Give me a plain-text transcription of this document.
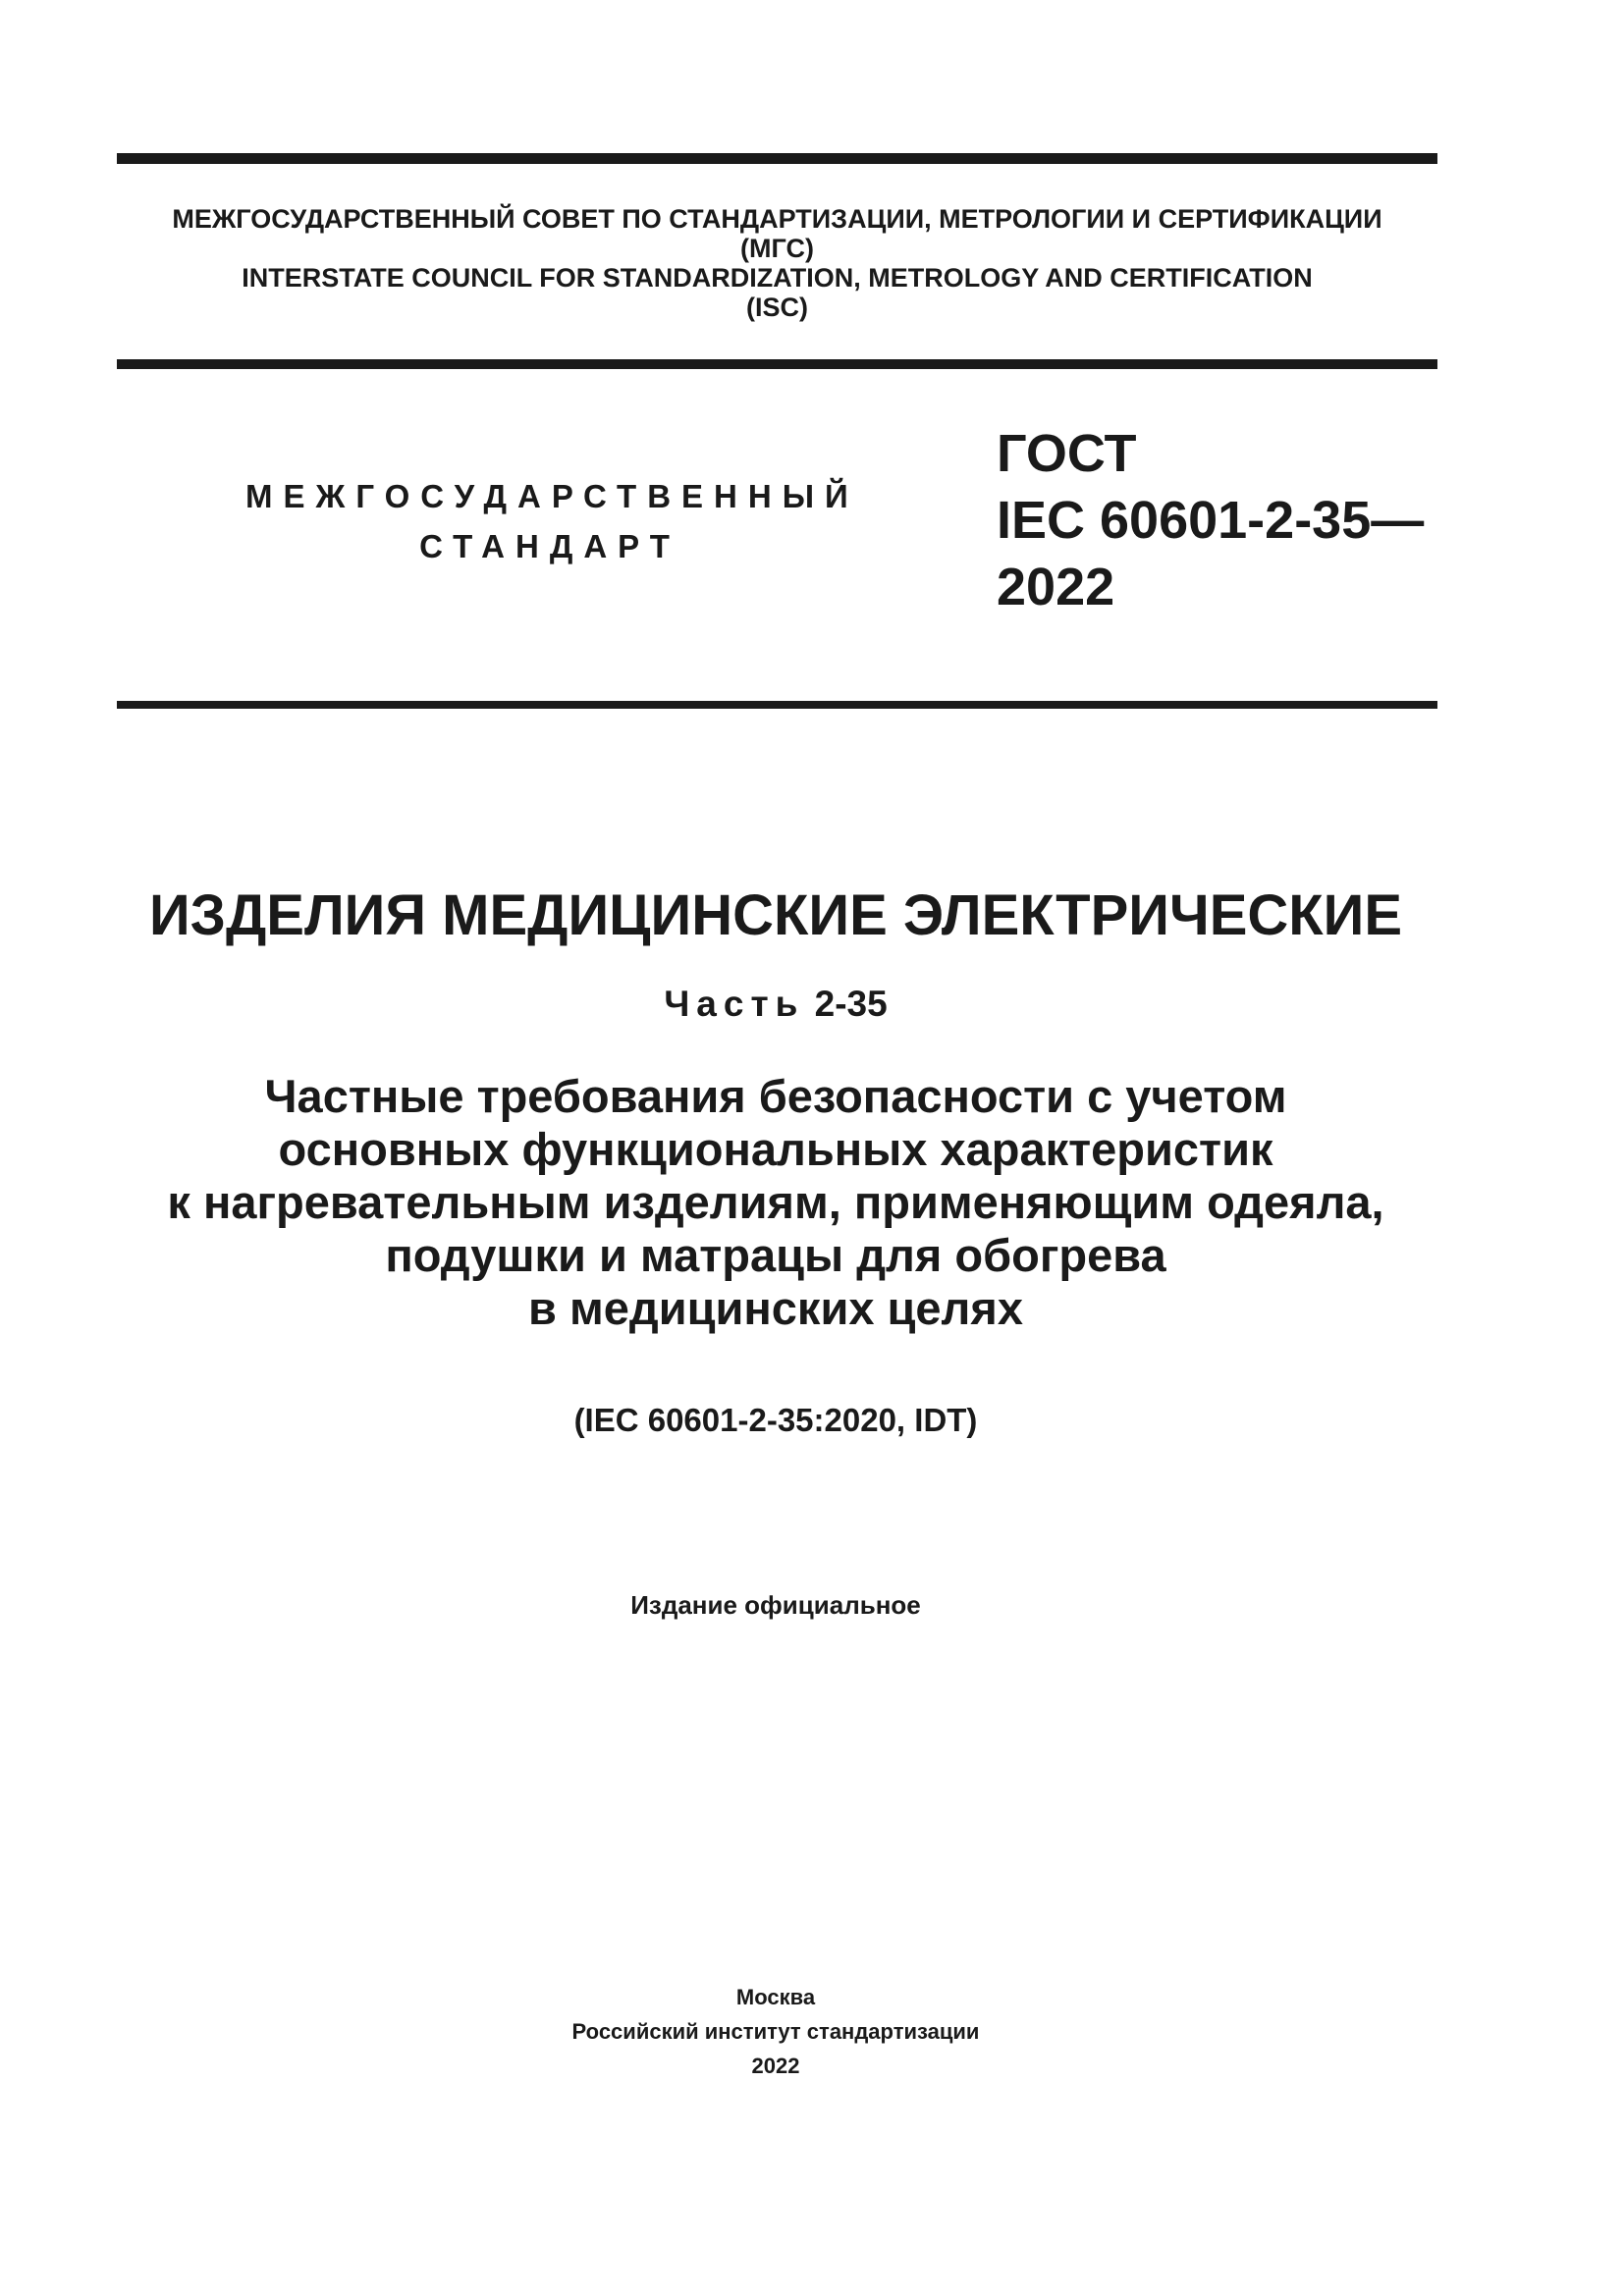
МЕЖГОСУДАРСТВЕННЫЙ СОВЕТ ПО СТАНДАРТИЗАЦИИ, МЕТРОЛОГИИ И СЕРТИФИКАЦИИ
(МГС)
INTERSTATE COUNCIL FOR STANDARDIZATION, METROLOGY AND CERTIFICATION
(ISC)
МЕЖГОСУДАРСТВЕННЫЙ
СТАНДАРТ
ГОСТ
IEC 60601-2-35—
2022
ИЗДЕЛИЯ МЕДИЦИНСКИЕ ЭЛЕКТРИЧЕСКИЕ
Часть 2-35
Частные требования безопасности с учетом
основных функциональных характеристик
к нагревательным изделиям, применяющим одеяла,
подушки и матрацы для обогрева
в медицинских целях
(IEC 60601-2-35:2020, IDT)
Издание официальное
Москва
Российский институт стандартизации
2022
